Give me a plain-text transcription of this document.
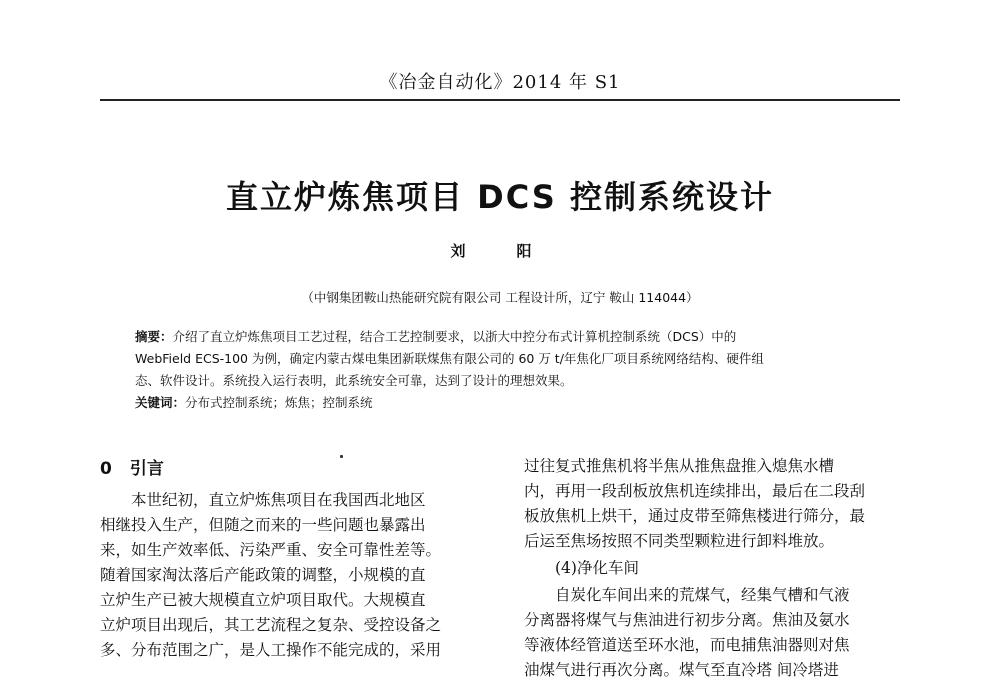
《冶金自动化》2014 年 S1
直立炉炼焦项目 DCS 控制系统设计
刘　阳
（中钢集团鞍山热能研究院有限公司 工程设计所，辽宁 鞍山 114044）

摘要：介绍了直立炉炼焦项目工艺过程，结合工艺控制要求，以浙大中控分布式计算机控制系统（DCS）中的

WebField ECS-100 为例，确定内蒙古煤电集团新联煤焦有限公司的 60 万 t/年焦化厂项目系统网络结构、硬件组

态、软件设计。系统投入运行表明，此系统安全可靠，达到了设计的理想效果。

关键词：分布式控制系统；炼焦；控制系统

0 引言

本世纪初，直立炉炼焦项目在我国西北地区

相继投入生产，但随之而来的一些问题也暴露出

来，如生产效率低、污染严重、安全可靠性差等。

随着国家淘汰落后产能政策的调整，小规模的直

立炉生产已被大规模直立炉项目取代。大规模直

立炉项目出现后，其工艺流程之复杂、受控设备之

多、分布范围之广，是人工操作不能完成的，采用

过往复式推焦机将半焦从推焦盘推入熄焦水槽

内，再用一段刮板放焦机连续排出，最后在二段刮

板放焦机上烘干，通过皮带至筛焦楼进行筛分，最

后运至焦场按照不同类型颗粒进行卸料堆放。

(4)净化车间

自炭化车间出来的荒煤气，经集气槽和气液

分离器将煤气与焦油进行初步分离。焦油及氨水

等液体经管道送至环水池，而电捕焦油器则对焦

油煤气进行再次分离。煤气至直冷塔 间冷塔进
